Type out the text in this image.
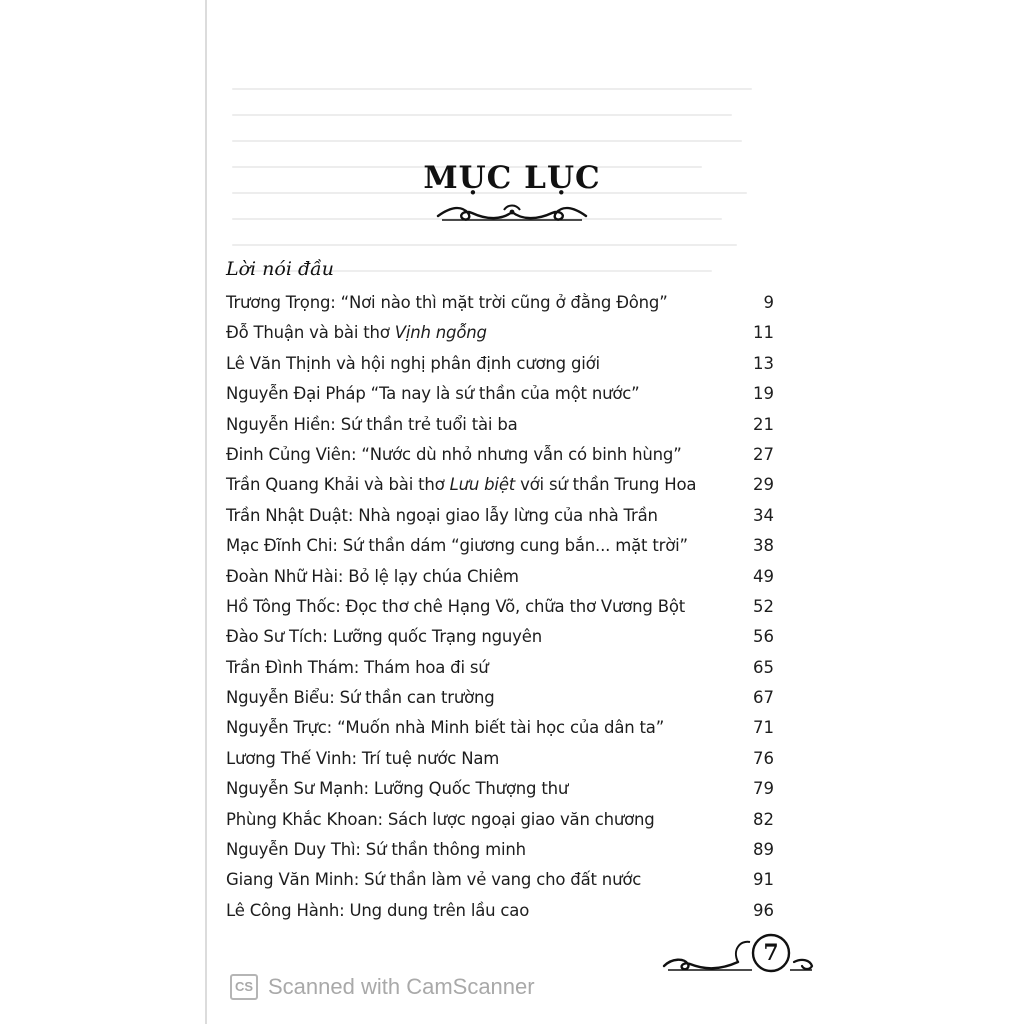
MỤC LỤC
Lời nói đầu
Trương Trọng: “Nơi nào thì mặt trời cũng ở đằng Đông”	9
Đỗ Thuận và bài thơ Vịnh ngỗng	11
Lê Văn Thịnh và hội nghị phân định cương giới	13
Nguyễn Đại Pháp “Ta nay là sứ thần của một nước”	19
Nguyễn Hiền: Sứ thần trẻ tuổi tài ba	21
Đinh Củng Viên: “Nước dù nhỏ nhưng vẫn có binh hùng”	27
Trần Quang Khải và bài thơ Lưu biệt với sứ thần Trung Hoa	29
Trần Nhật Duật: Nhà ngoại giao lẫy lừng của nhà Trần	34
Mạc Đĩnh Chi: Sứ thần dám “giương cung bắn... mặt trời”	38
Đoàn Nhữ Hài: Bỏ lệ lạy chúa Chiêm	49
Hồ Tông Thốc: Đọc thơ chê Hạng Võ, chữa thơ Vương Bột	52
Đào Sư Tích: Lưỡng quốc Trạng nguyên	56
Trần Đình Thám: Thám hoa đi sứ	65
Nguyễn Biểu: Sứ thần can trường	67
Nguyễn Trực: “Muốn nhà Minh biết tài học của dân ta”	71
Lương Thế Vinh: Trí tuệ nước Nam	76
Nguyễn Sư Mạnh: Lưỡng Quốc Thượng thư	79
Phùng Khắc Khoan: Sách lược ngoại giao văn chương	82
Nguyễn Duy Thì: Sứ thần thông minh	89
Giang Văn Minh: Sứ thần làm vẻ vang cho đất nước	91
Lê Công Hành: Ung dung trên lầu cao	96
7
CS Scanned with CamScanner
